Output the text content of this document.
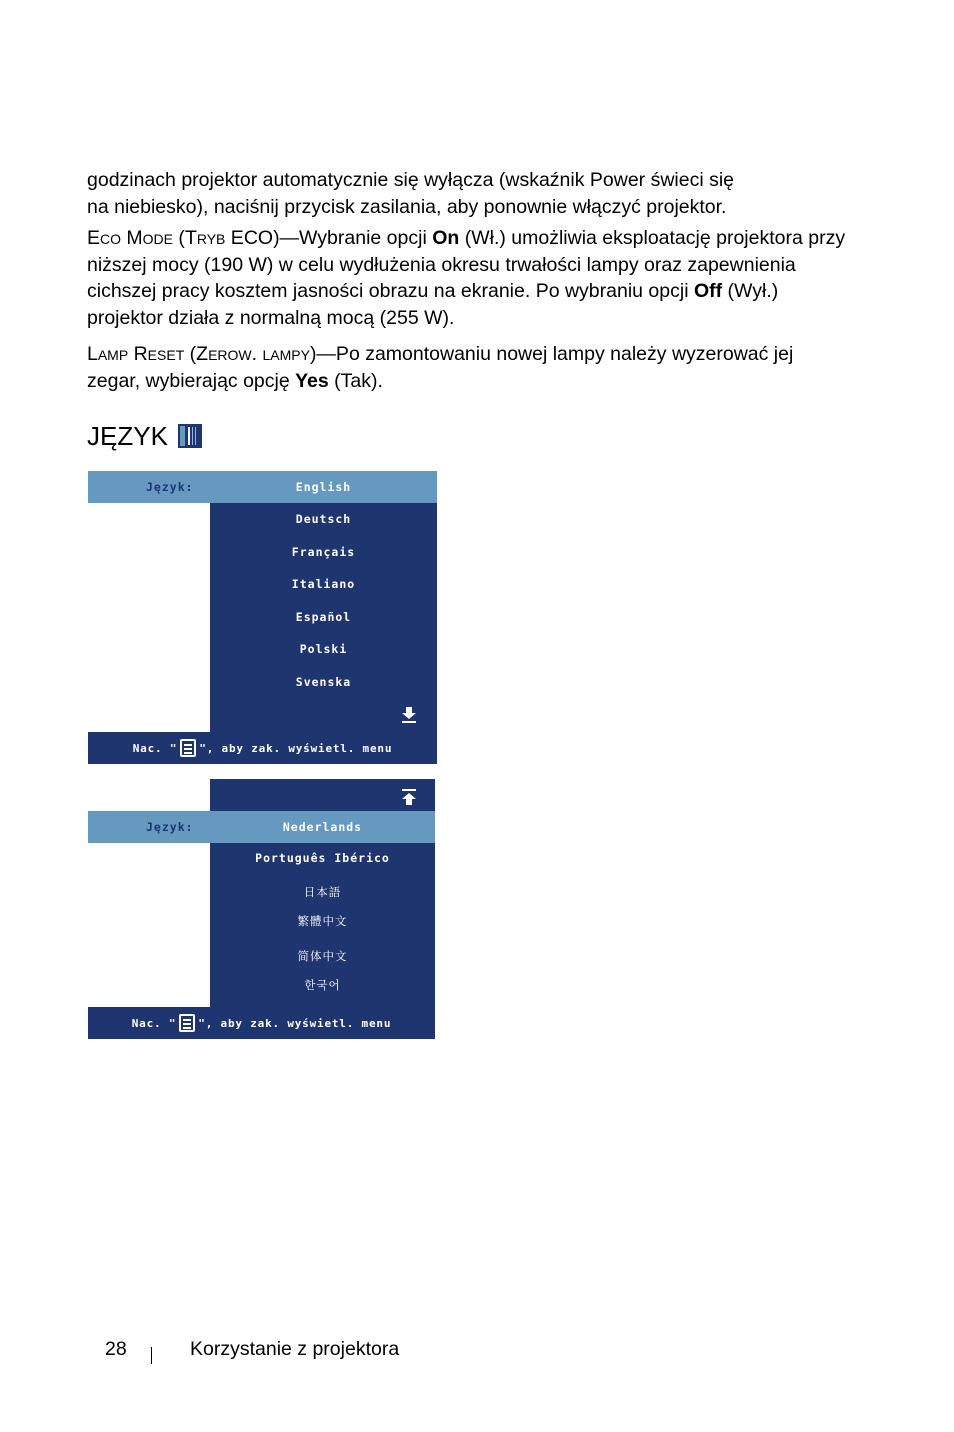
godzinach projektor automatycznie się wyłącza (wskaźnik Power świeci się
na niebiesko), naciśnij przycisk zasilania, aby ponownie włączyć projektor.

Eco Mode (Tryb ECO)—Wybranie opcji On (Wł.) umożliwia eksploatację projektora przy niższej mocy (190 W) w celu wydłużenia okresu trwałości lampy oraz zapewnienia cichszej pracy kosztem jasności obrazu na ekranie. Po wybraniu opcji Off (Wył.) projektor działa z normalną mocą (255 W).

Lamp Reset (Zerow. lampy)—Po zamontowaniu nowej lampy należy wyzerować jej zegar, wybierając opcję Yes (Tak).

JĘZYK
Język:	English
Deutsch
Français
Italiano
Español
Polski
Svenska
Nac. " ", aby zak. wyświetl. menu
Język:	Nederlands
Português Ibérico
日本語
繁體中文
简体中文
한국어
Nac. " ", aby zak. wyświetl. menu
28	Korzystanie z projektora
